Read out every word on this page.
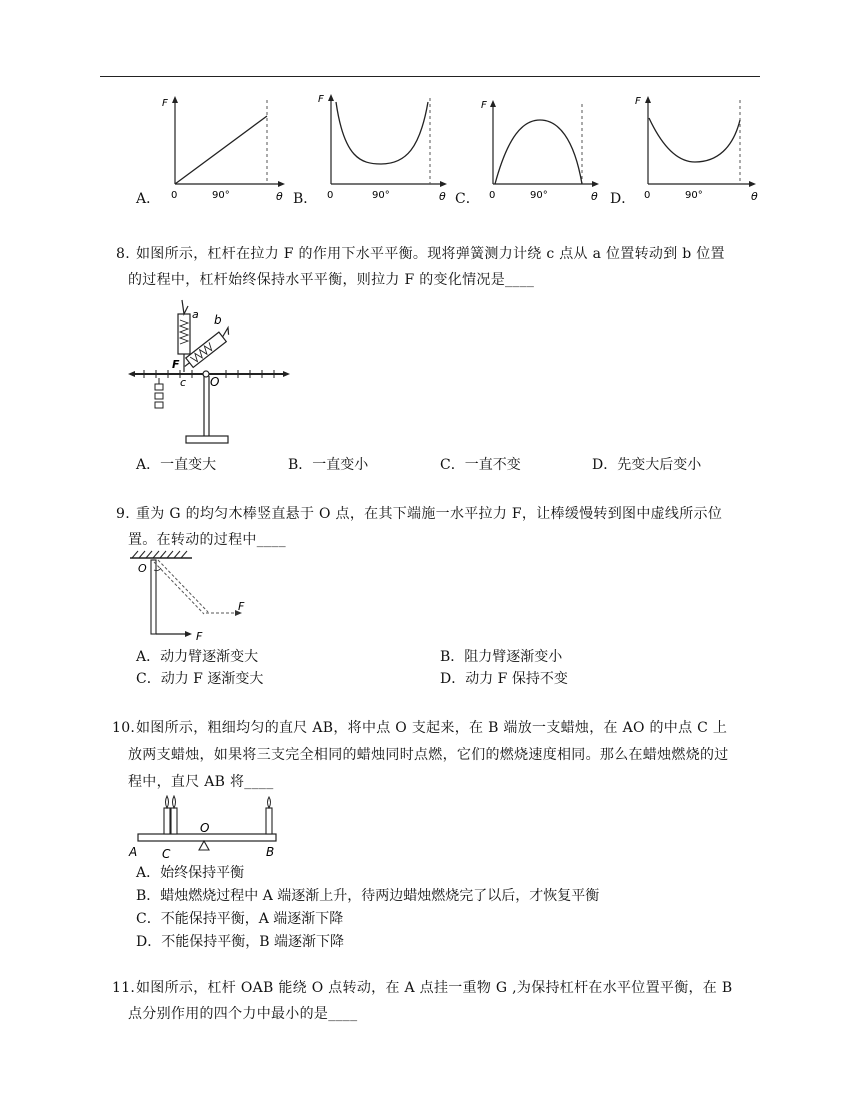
F
0	90°	θ
A．
F
0	90°	θ
B．
F
0	90°	θ
C．
F
0	90°	θ
D．
8. 如图所示，杠杆在拉力 F 的作用下水平平衡。现将弹簧测力计绕 c 点从 a 位置转动到 b 位置
的过程中，杠杆始终保持水平平衡，则拉力 F 的变化情况是____
a b
F
c O
A．一直变大	B．一直变小	C．一直不变	D．先变大后变小
9. 重为 G 的均匀木棒竖直悬于 O 点，在其下端施一水平拉力 F，让棒缓慢转到图中虚线所示位
置。在转动的过程中____
O
F
F
A．动力臂逐渐变大	B．阻力臂逐渐变小
C．动力 F 逐渐变大	D．动力 F 保持不变
10. 如图所示，粗细均匀的直尺 AB，将中点 O 支起来，在 B 端放一支蜡烛，在 AO 的中点 C 上
放两支蜡烛，如果将三支完全相同的蜡烛同时点燃，它们的燃烧速度相同。那么在蜡烛燃烧的过
程中，直尺 AB 将____
A C
O
B
A．始终保持平衡
B．蜡烛燃烧过程中 A 端逐渐上升，待两边蜡烛燃烧完了以后，才恢复平衡
C．不能保持平衡，A 端逐渐下降
D．不能保持平衡，B 端逐渐下降
11. 如图所示，杠杆 OAB 能绕 O 点转动，在 A 点挂一重物 G ,为保持杠杆在水平位置平衡，在 B
点分别作用的四个力中最小的是____
